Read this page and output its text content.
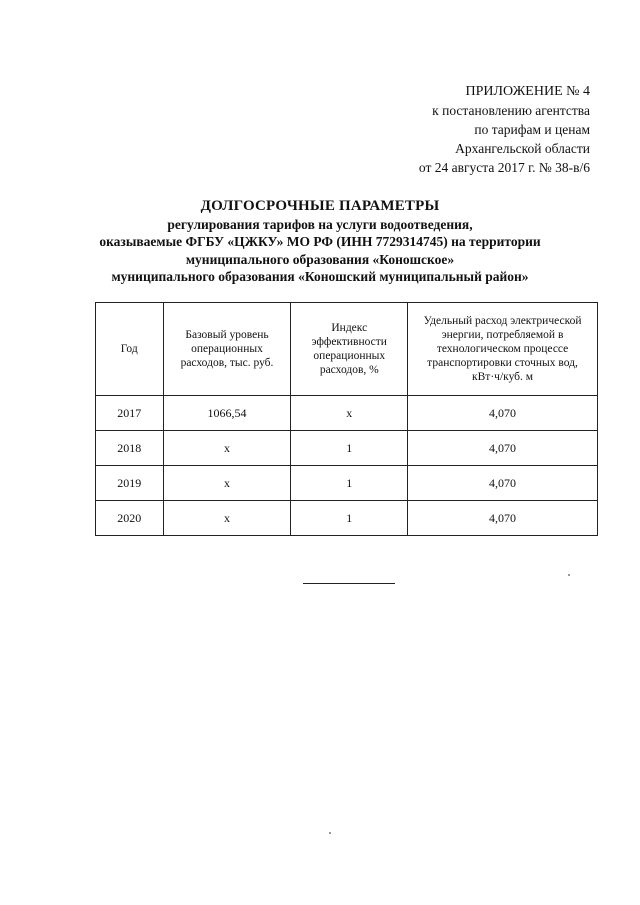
ПРИЛОЖЕНИЕ № 4
к постановлению агентства
по тарифам и ценам
Архангельской области
от 24 августа 2017 г. № 38-в/6
ДОЛГОСРОЧНЫЕ ПАРАМЕТРЫ
регулирования тарифов на услуги водоотведения,
оказываемые ФГБУ «ЦЖКУ» МО РФ (ИНН 7729314745) на территории
муниципального образования «Коношское»
муниципального образования «Коношский муниципальный район»
Год	Базовый уровень операционных расходов, тыс. руб.	Индекс эффективности операционных расходов, %	Удельный расход электрической энергии, потребляемой в технологическом процессе транспортировки сточных вод, кВт·ч/куб. м
2017	1066,54	x	4,070
2018	x	1	4,070
2019	x	1	4,070
2020	x	1	4,070
